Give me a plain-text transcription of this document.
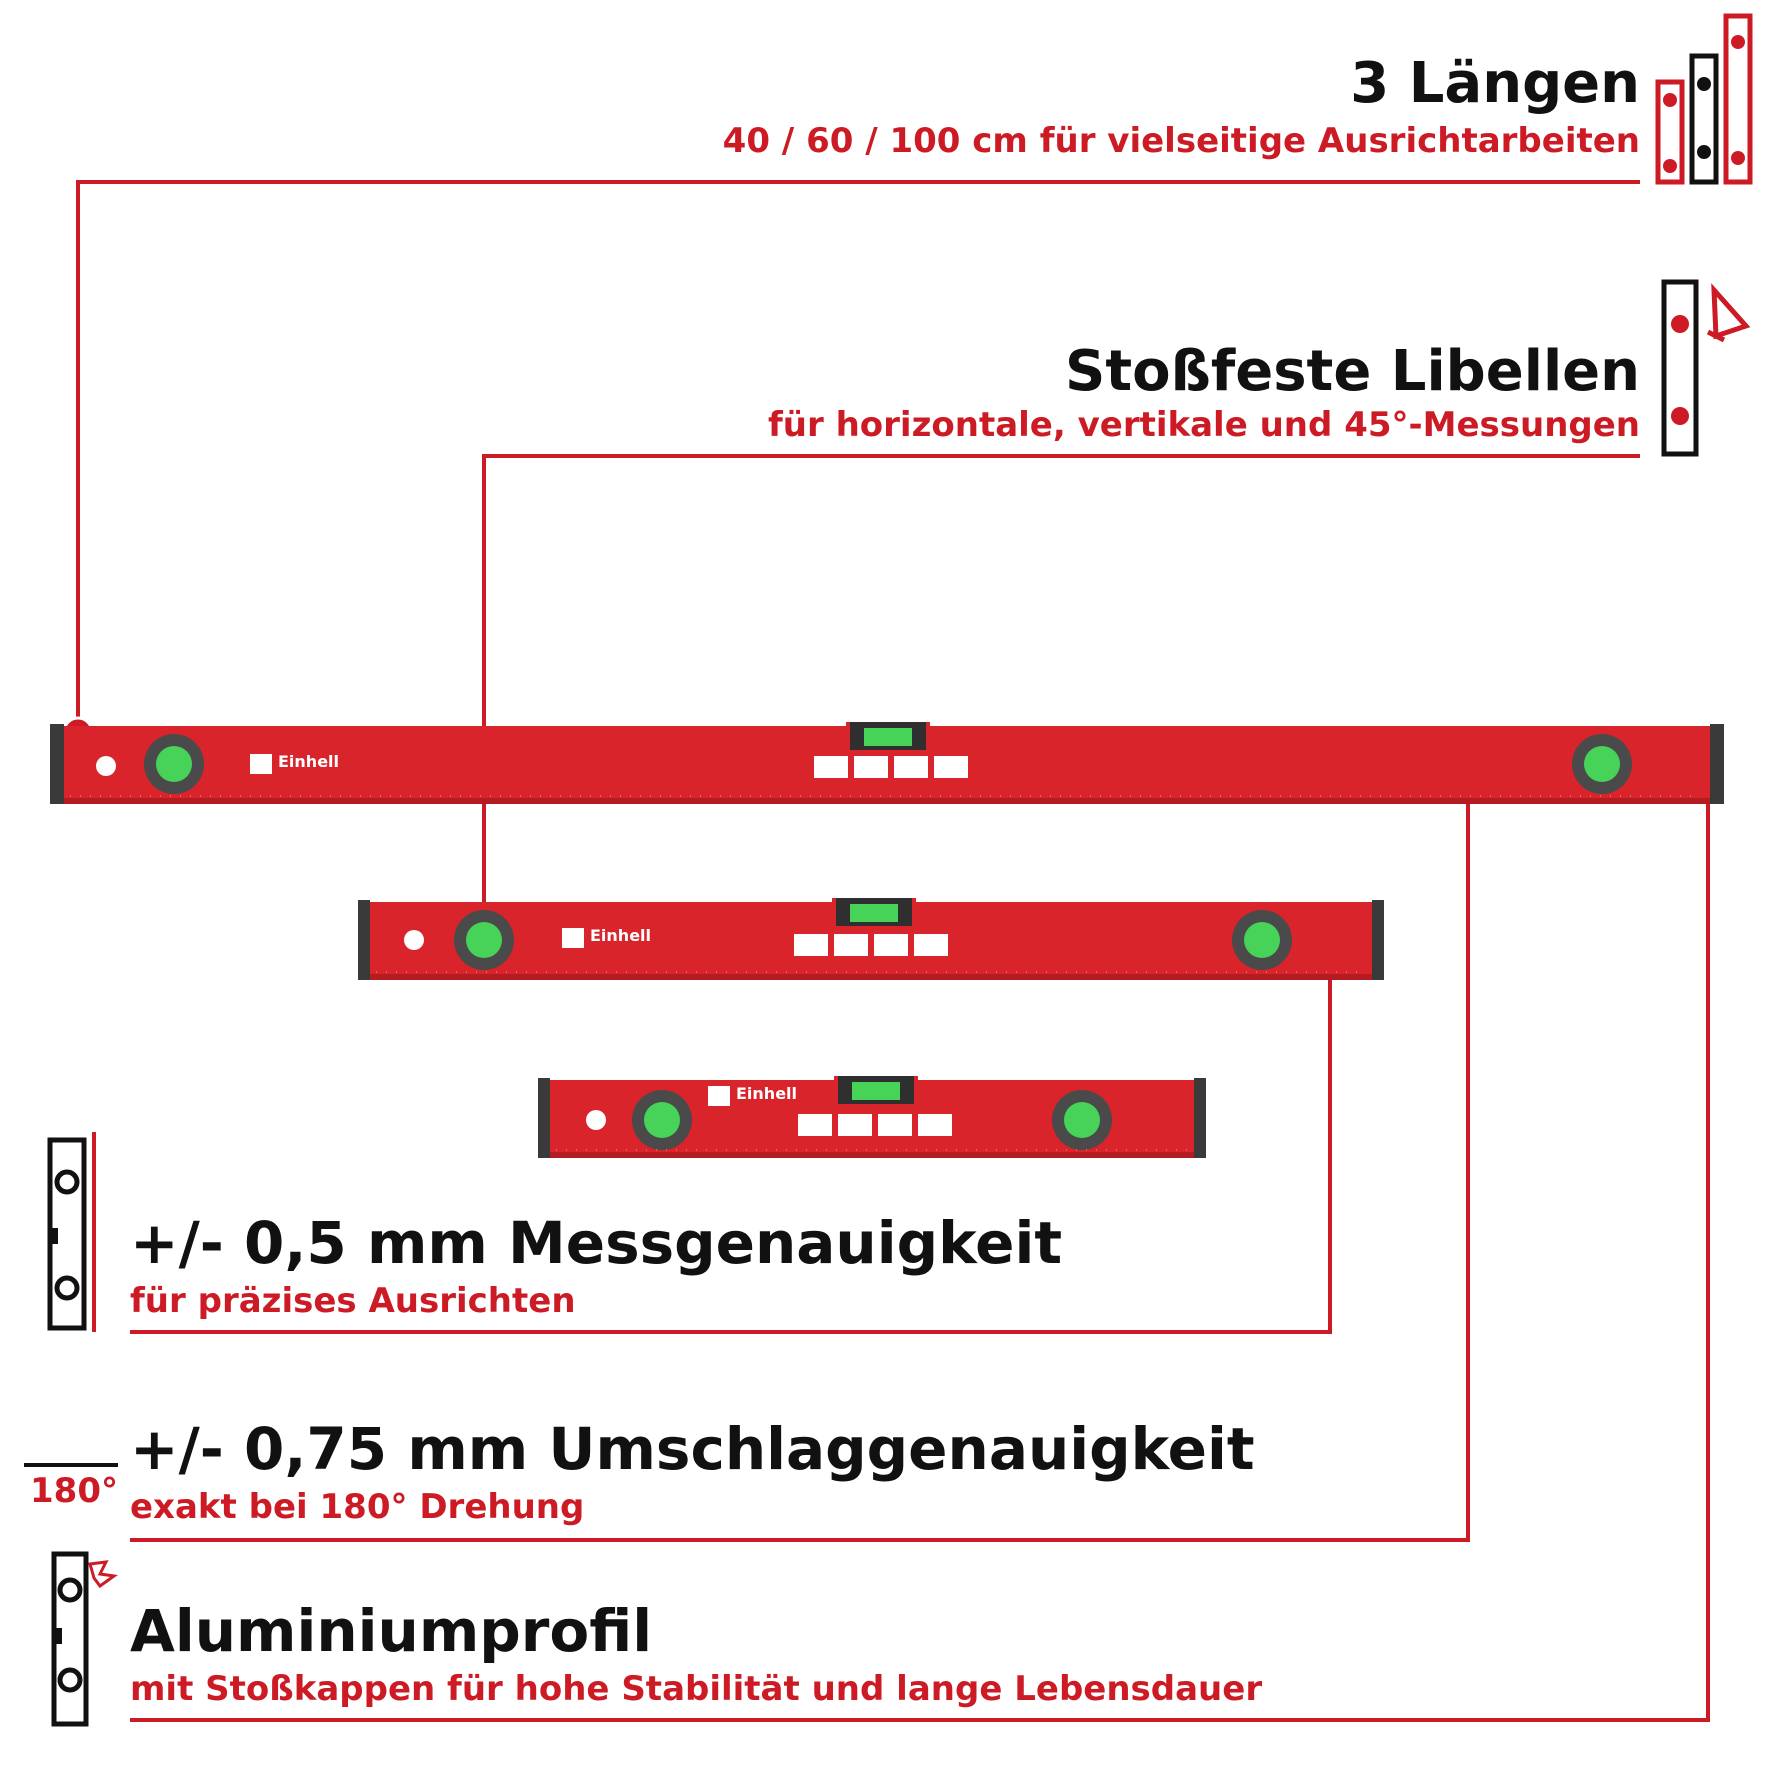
3 Längen
40 / 60 / 100 cm für vielseitige Ausrichtarbeiten
Stoßfeste Libellen
für horizontale, vertikale und 45°-Messungen
Einhell
Einhell
Einhell
+/- 0,5 mm Messgenauigkeit
für präzises Ausrichten
180°
+/- 0,75 mm Umschlaggenauigkeit
exakt bei 180° Drehung
Aluminiumprofil
mit Stoßkappen für hohe Stabilität und lange Lebensdauer
